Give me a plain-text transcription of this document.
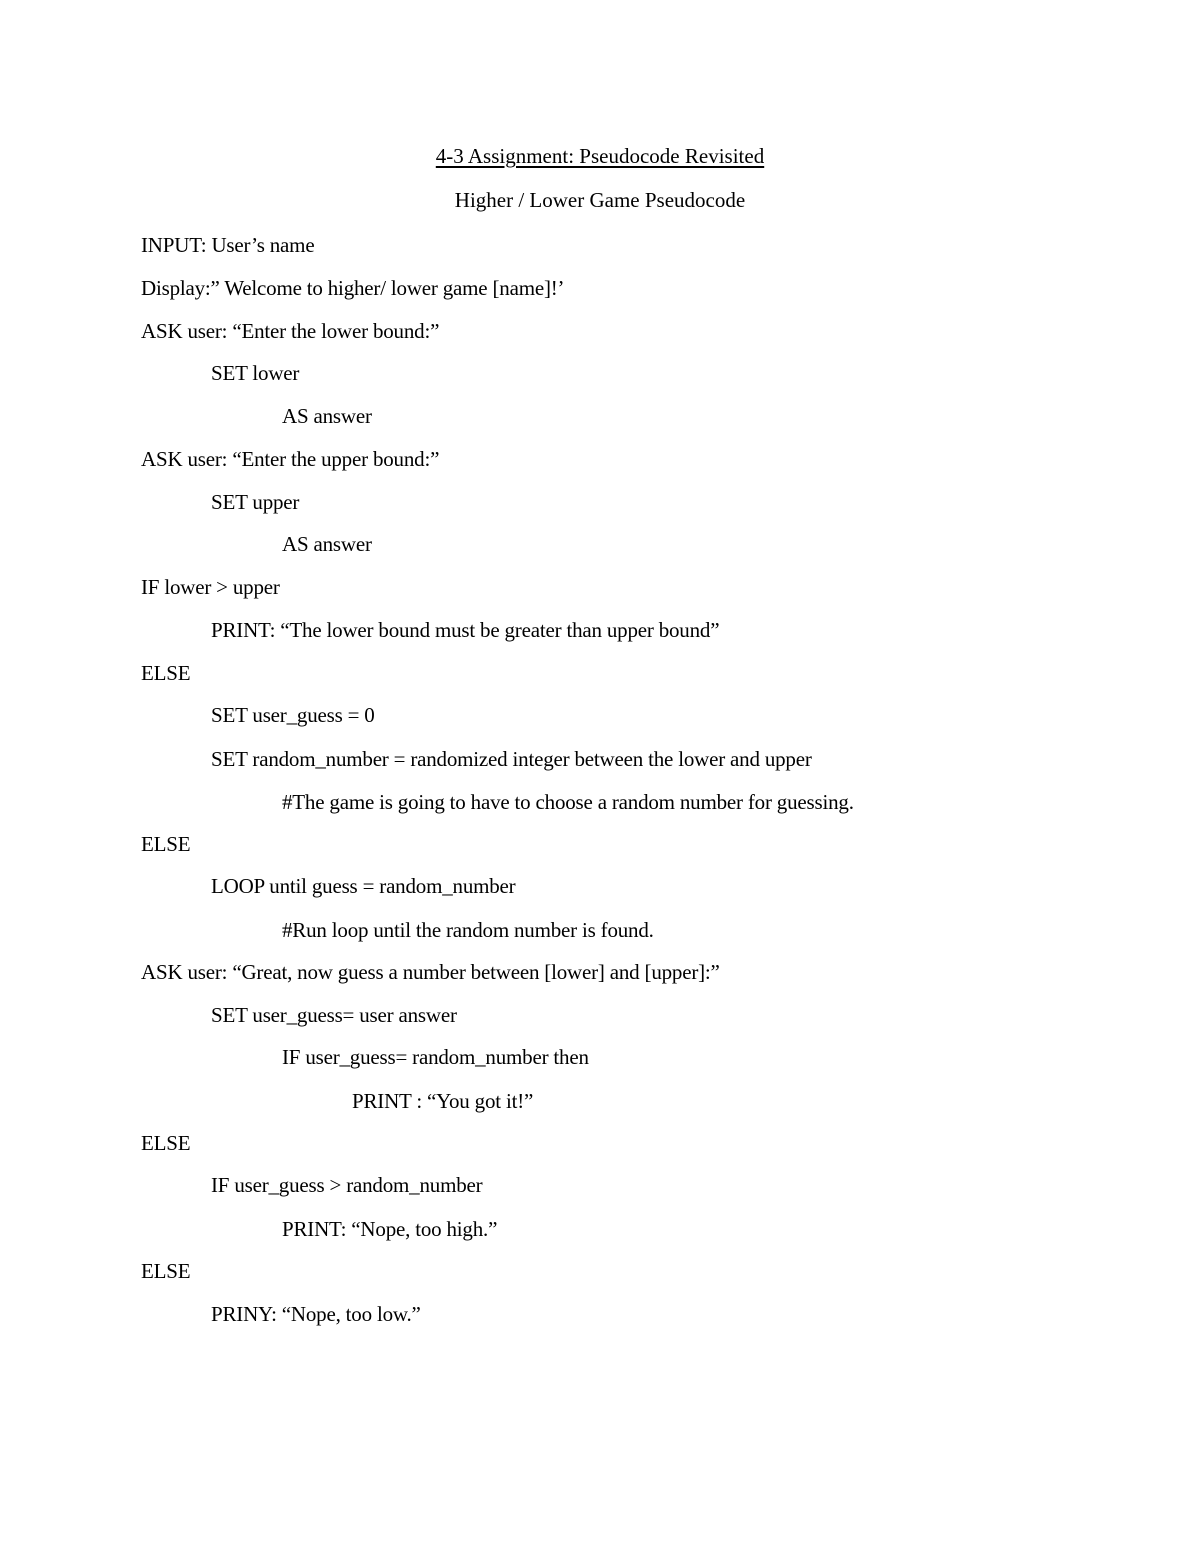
4-3 Assignment: Pseudocode Revisited
Higher / Lower Game Pseudocode
INPUT: User’s name
Display:” Welcome to higher/ lower game [name]!’
ASK user: “Enter the lower bound:”
SET lower
AS answer
ASK user: “Enter the upper bound:”
SET upper
AS answer
IF lower > upper
PRINT: “The lower bound must be greater than upper bound”
ELSE
SET user_guess = 0
SET random_number = randomized integer between the lower and upper
#The game is going to have to choose a random number for guessing.
ELSE
LOOP until guess = random_number
#Run loop until the random number is found.
ASK user: “Great, now guess a number between [lower] and [upper]:”
SET user_guess= user answer
IF user_guess= random_number then
PRINT : “You got it!”
ELSE
IF user_guess > random_number
PRINT: “Nope, too high.”
ELSE
PRINY: “Nope, too low.”
